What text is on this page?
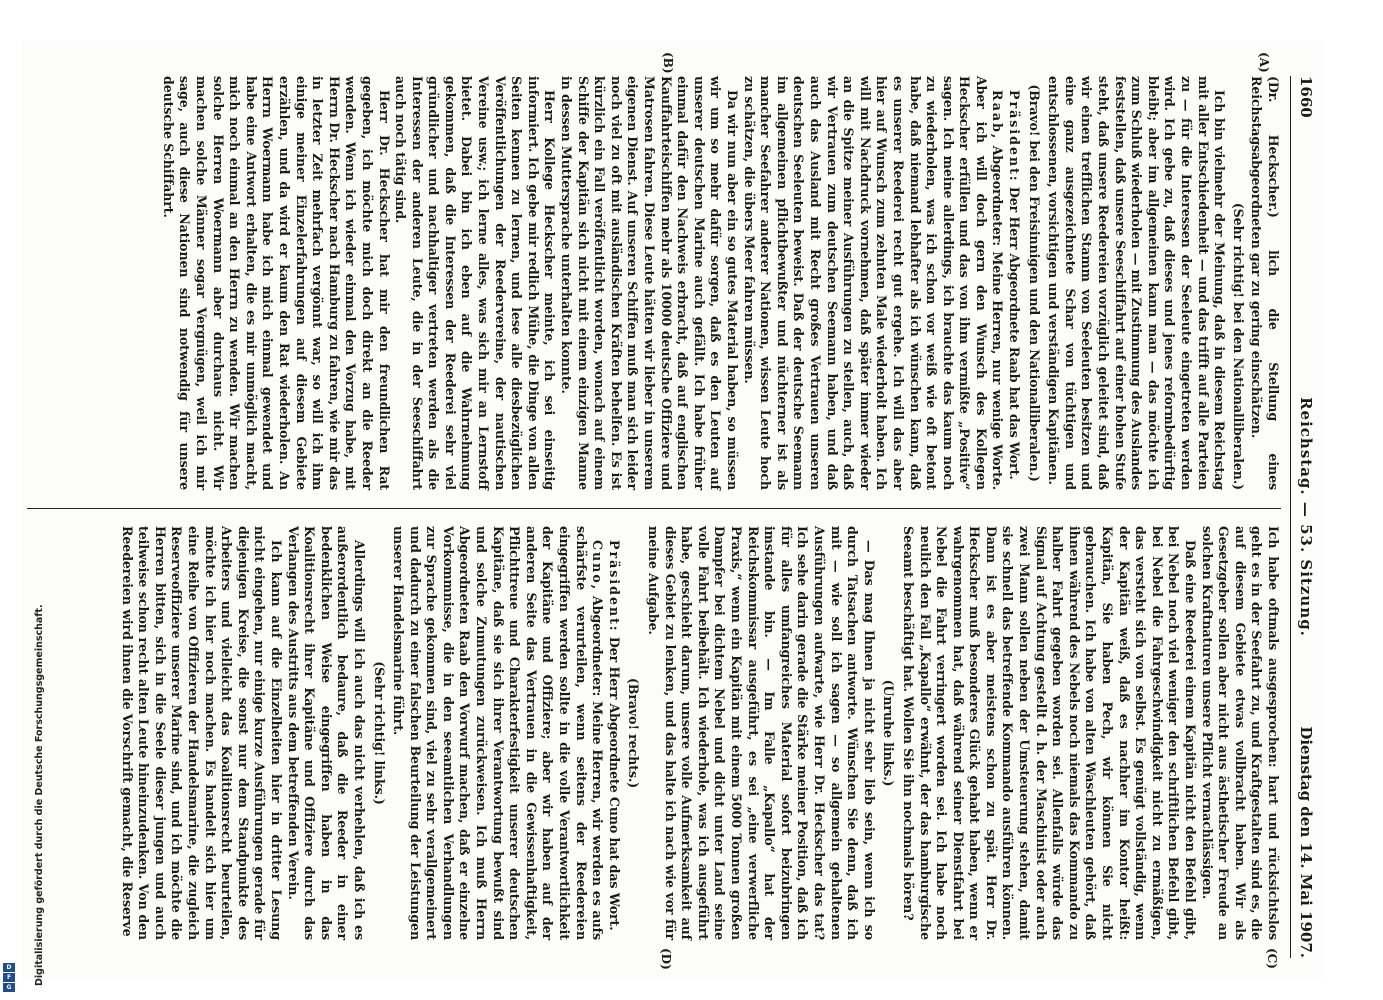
1660
Reichstag. — 53. Sitzung.
Dienstag den 14. Mai 1907.
(A)
(B)
(C)
(D)

(Dr. Heckscher.) lich die Stellung eines Reichstagsabgeordneten gar zu gering einschätzen.

(Sehr richtig! bei den Nationalliberalen.)

Ich bin vielmehr der Meinung, daß in diesem Reichstag mit aller Entschiedenheit — und das trifft auf alle Parteien zu — für die Interessen der Seeleute eingetreten werden wird. Ich gebe zu, daß dieses und jenes reformbedürftig bleibt; aber im allgemeinen kann man — das möchte ich zum Schluß wiederholen — mit Zustimmung des Auslandes feststellen, daß unsere Seeschiffahrt auf einer hohen Stufe steht, daß unsere Reedereien vorzüglich geleitet sind, daß wir einen trefflichen Stamm von Seeleuten besitzen und eine ganz ausgezeichnete Schar von tüchtigen und entschlossenen, vorsichtigen und verständigen Kapitänen.

(Bravo! bei den Freisinnigen und den Nationalliberalen.)

Präsident: Der Herr Abgeordnete Raab hat das Wort.

Raab, Abgeordneter: Meine Herren, nur wenige Worte. Aber ich will doch gern den Wunsch des Kollegen Heckscher erfüllen und das von ihm vermißte „Positive“ sagen. Ich meine allerdings, ich brauchte das kaum noch zu wiederholen, was ich schon vor weiß wie oft betont habe, daß niemand lebhafter als ich wünschen kann, daß es unserer Reederei recht gut ergehe. Ich will das aber hier auf Wunsch zum zehnten Male wiederholt haben. Ich will mit Nachdruck vornehmen, daß später immer wieder an die Spitze meiner Ausführungen zu stellen, auch, daß wir Vertrauen zum deutschen Seemann haben, und daß auch das Ausland mit Recht großes Vertrauen unseren deutschen Seeleuten beweist. Daß der deutsche Seemann im allgemeinen pflichtbewußter und nüchterner ist als mancher Seefahrer anderer Nationen, wissen Leute hoch zu schätzen, die übers Meer fahren müssen.

Da wir nun aber ein so gutes Material haben, so müssen wir um so mehr dafür sorgen, daß es den Leuten auf unserer deutschen Marine auch gefällt. Ich habe früher einmal dafür den Nachweis erbracht, daß auf englischen Kauffahrteischiffen mehr als 10000 deutsche Offiziere und Matrosen fahren. Diese Leute hätten wir lieber in unserem eigenen Dienst. Auf unseren Schiffen muß man sich leider noch viel zu oft mit ausländischen Kräften behelfen. Es ist kürzlich ein Fall veröffentlicht worden, wonach auf einem Schiffe der Kapitän sich nicht mit einem einzigen Manne in dessen Muttersprache unterhalten konnte.

Herr Kollege Heckscher meinte, ich sei einseitig informiert. Ich gebe mir redlich Mühe, die Dinge von allen Seiten kennen zu lernen, und lese alle diesbezüglichen Veröffentlichungen der Reedervereine, der nautischen Vereine usw.; ich lerne alles, was sich mir an Lernstoff bietet. Dabei bin ich eben auf die Wahrnehmung gekommen, daß die Interessen der Reederei sehr viel gründlicher und nachhaltiger vertreten werden als die Interessen der anderen Leute, die in der Seeschiffahrt auch noch tätig sind.

Herr Dr. Heckscher hat mir den freundlichen Rat gegeben, ich möchte mich doch direkt an die Reeder wenden. Wenn ich wieder einmal den Vorzug habe, mit Herrn Dr. Heckscher nach Hamburg zu fahren, wie mir das in letzter Zeit mehrfach vergönnt war, so will ich ihm einige meiner Einzelerfahrungen auf diesem Gebiete erzählen, und da wird er kaum den Rat wiederholen. An Herrn Woermann habe ich mich einmal gewendet und habe eine Antwort erhalten, die es mir unmöglich macht, mich noch einmal an den Herrn zu wenden. Wir machen solche Herren Woermann aber durchaus nicht. Wir machen solche Männer sogar Vergnügen, weil ich mir sage, auch diese Nationen sind notwendig für unsere deutsche Schiffahrt.

Ich habe oftmals ausgesprochen: hart und rücksichtslos geht es in der Seefahrt zu, und Kraftgestalten sind es, die auf diesem Gebiete etwas vollbracht haben. Wir als Gesetzgeber sollen aber nicht aus ästhetischer Freude an solchen Kraftnaturen unsere Pflicht vernachlässigen.

Daß eine Reederei einem Kapitän nicht den Befehl gibt, bei Nebel noch viel weniger den schriftlichen Befehl gibt, bei Nebel die Fahrgeschwindigkeit nicht zu ermäßigen, das versteht sich von selbst. Es genügt vollständig, wenn der Kapitän weiß, daß es nachher im Kontor heißt: Kapitän, Sie haben Pech, wir können Sie nicht gebrauchen. Ich habe von alten Waschleuten gehört, daß ihnen während des Nebels noch niemals das Kommando zu halber Fahrt gegeben worden sei. Allenfalls würde das Signal auf Achtung gestellt d. h. der Maschinist oder auch zwei Mann sollen neben der Umsteuerung stehen, damit sie schnell das betreffende Kommando ausführen können. Dann ist es aber meistens schon zu spät. Herr Dr. Heckscher muß besonderes Glück gehabt haben, wenn er wahrgenommen hat, daß während seiner Dienstfahrt bei Nebel die Fahrt verringert worden sei. Ich habe noch neulich den Fall „Kapallo“ erwähnt, der das hamburgische Seeamt beschäftigt hat. Wollen Sie ihn nochmals hören?

(Unruhe links.)

— Das mag Ihnen ja nicht sehr lieb sein, wenn ich so durch Tatsachen antworte. Wünschen Sie denn, daß ich mit — wie soll ich sagen — so allgemein gehaltenen Ausführungen aufwarte, wie Herr Dr. Heckscher das tat? Ich sehe darin gerade die Stärke meiner Position, daß ich für alles umfangreiches Material sofort beizubringen imstande bin. — Im Falle „Kapallo“ hat der Reichskommissar ausgeführt, es sei „eine verwerfliche Praxis,“ wenn ein Kapitän mit einem 5000 Tonnen großen Dampfer bei dichtem Nebel und dicht unter Land seine volle Fahrt beibehält. Ich wiederhole, was ich ausgeführt habe, geschieht darum, unsere volle Aufmerksamkeit auf dieses Gebiet zu lenken, und das halte ich nach wie vor für meine Aufgabe.

(Bravo! rechts.)

Präsident: Der Herr Abgeordnete Cuno hat das Wort.

Cuno, Abgeordneter: Meine Herren, wir werden es aufs schärfste verurteilen, wenn seitens der Reedereien eingegriffen werden sollte in die volle Verantwortlichkeit der Kapitäne und Offiziere; aber wir haben auf der anderen Seite das Vertrauen in die Gewissenhaftigkeit, Pflichttreue und Charakterfestigkeit unserer deutschen Kapitäne, daß sie sich ihrer Verantwortung bewußt sind und solche Zumutungen zurückweisen. Ich muß Herrn Abgeordneten Raab den Vorwurf machen, daß er einzelne Vorkommnisse, die in den seeamtlichen Verhandlungen zur Sprache gekommen sind, viel zu sehr verallgemeinert und dadurch zu einer falschen Beurteilung der Leistungen unserer Handelsmarine führt.

(Sehr richtig! links.)

Allerdings will ich auch das nicht verhehlen, daß ich es außerordentlich bedaure, daß die Reeder in einer bedenklichen Weise eingegriffen haben in das Koalitionsrecht ihrer Kapitäne und Offiziere durch das Verlangen des Austritts aus dem betreffenden Verein.

Ich kann auf die Einzelheiten hier in dritter Lesung nicht eingehen, nur einige kurze Ausführungen gerade für diejenigen Kreise, die sonst nur dem Standpunkte des Arbeiters und vielleicht das Koalitionsrecht beurteilen, möchte ich hier noch machen. Es handelt sich hier um eine Reihe von Offizieren der Handelsmarine, die zugleich Reserveoffiziere unserer Marine sind, und ich möchte die Herren bitten, sich in die Seele dieser jungen und auch teilweise schon recht alten Leute hineinzudenken. Von den Reedereien wird ihnen die Vorschrift gemacht, die Reserve

Digitalisierung gefördert durch die Deutsche Forschungsgemeinschaft.
D
F
G
